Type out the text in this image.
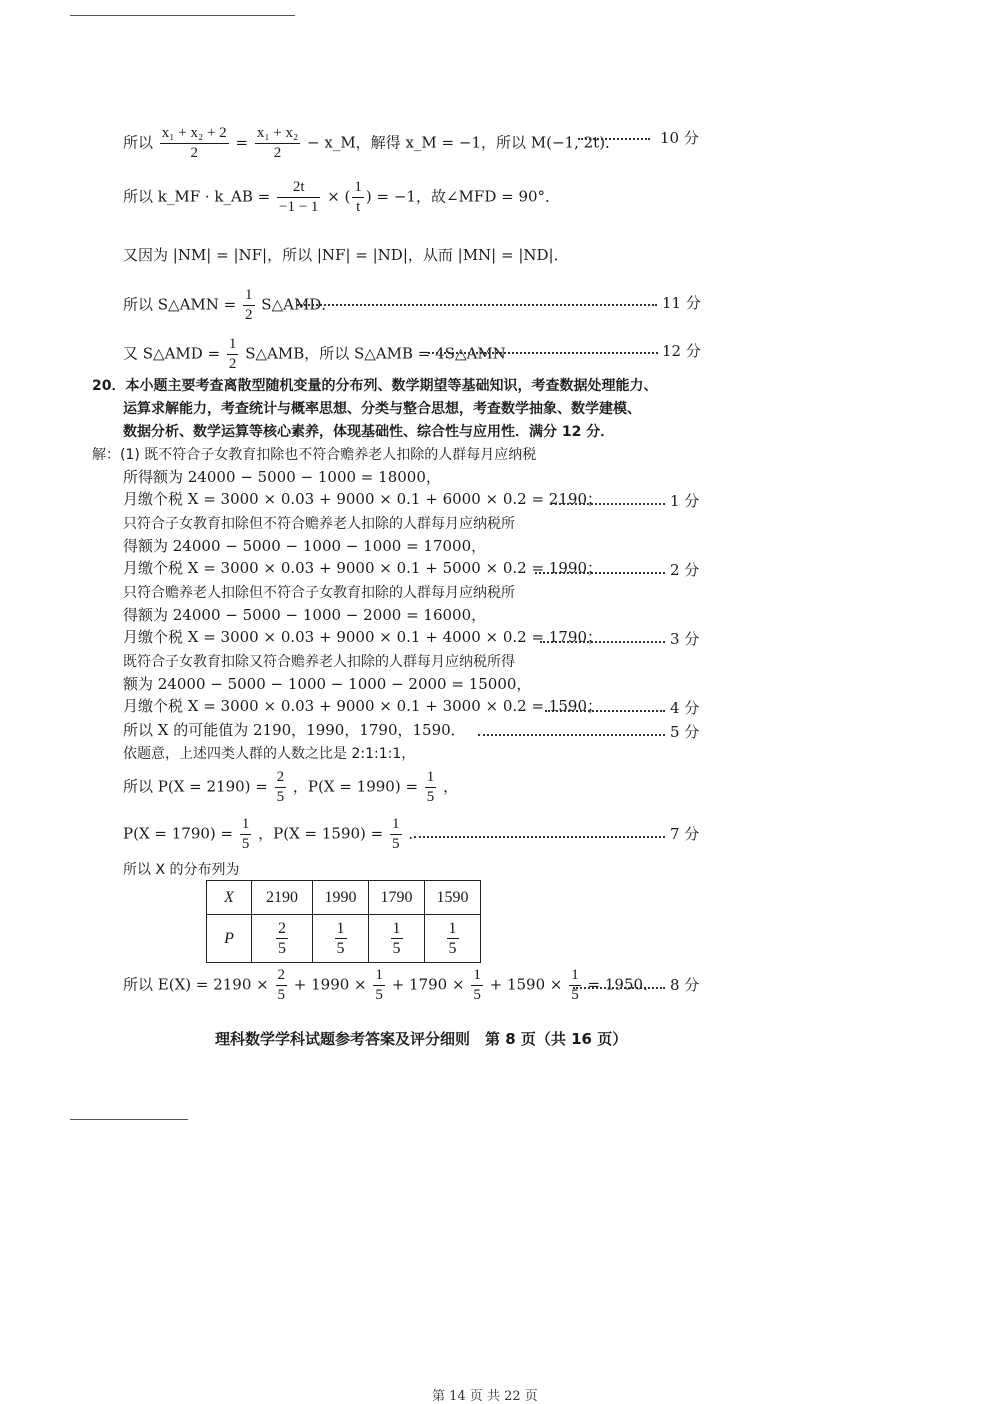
所以 $\frac{\text{x₁ + x₂ + 2}}{2} = \frac{\text{x₁ + x₂}}{2}$ − x_M，解得 x_M = −1，所以 M(−1, 2t)．	10 分
所以 k_MF · k_AB = $\frac{2t}{-1 - 1}$ × ( $\frac{1}{t}$ ) = −1，故∠MFD = 90°．
又因为 |NM| = |NF|，所以 |NF| = |ND|，从而 |MN| = |ND|．
所以 S△AMN = $\frac{1}{2}$ S△AMD．	11 分
又 S△AMD = $\frac{1}{2}$ S△AMB，所以 S△AMB = 4S△AMN	12 分
20．本小题主要考查离散型随机变量的分布列、数学期望等基础知识，考查数据处理能力、
运算求解能力，考查统计与概率思想、分类与整合思想，考查数学抽象、数学建模、
数据分析、数学运算等核心素养，体现基础性、综合性与应用性．满分 12 分．
解：(1) 既不符合子女教育扣除也不符合赡养老人扣除的人群每月应纳税
所得额为 24000 − 5000 − 1000 = 18000，
月缴个税 X = 3000 × 0.03 + 9000 × 0.1 + 6000 × 0.2 = 2190；	1 分
只符合子女教育扣除但不符合赡养老人扣除的人群每月应纳税所
得额为 24000 − 5000 − 1000 − 1000 = 17000，
月缴个税 X = 3000 × 0.03 + 9000 × 0.1 + 5000 × 0.2 = 1990；	2 分
只符合赡养老人扣除但不符合子女教育扣除的人群每月应纳税所
得额为 24000 − 5000 − 1000 − 2000 = 16000，
月缴个税 X = 3000 × 0.03 + 9000 × 0.1 + 4000 × 0.2 = 1790；	3 分
既符合子女教育扣除又符合赡养老人扣除的人群每月应纳税所得
额为 24000 − 5000 − 1000 − 1000 − 2000 = 15000，
月缴个税 X = 3000 × 0.03 + 9000 × 0.1 + 3000 × 0.2 = 1590；	4 分
所以 X 的可能值为 2190，1990，1790，1590．	5 分
依题意，上述四类人群的人数之比是 2:1:1:1，
所以 $P(X = 2190) = \frac{2}{5}$ ，$P(X = 1990) = \frac{1}{5}$ ，
$P(X = 1790) = \frac{1}{5}$ ，$P(X = 1590) = \frac{1}{5}$ ．	7 分
所以 X 的分布列为
X	2190	1990	1790	1590
P	$\frac{2}{5}$	$\frac{1}{5}$	$\frac{1}{5}$	$\frac{1}{5}$
所以 $E(X) = 2190 \times \frac{2}{5} + 1990 \times \frac{1}{5} + 1790 \times \frac{1}{5} + 1590 \times \frac{1}{5} = 1950$． 8 分
理科数学学科试题参考答案及评分细则　第 8 页（共 16 页）
第 14 页 共 22 页
